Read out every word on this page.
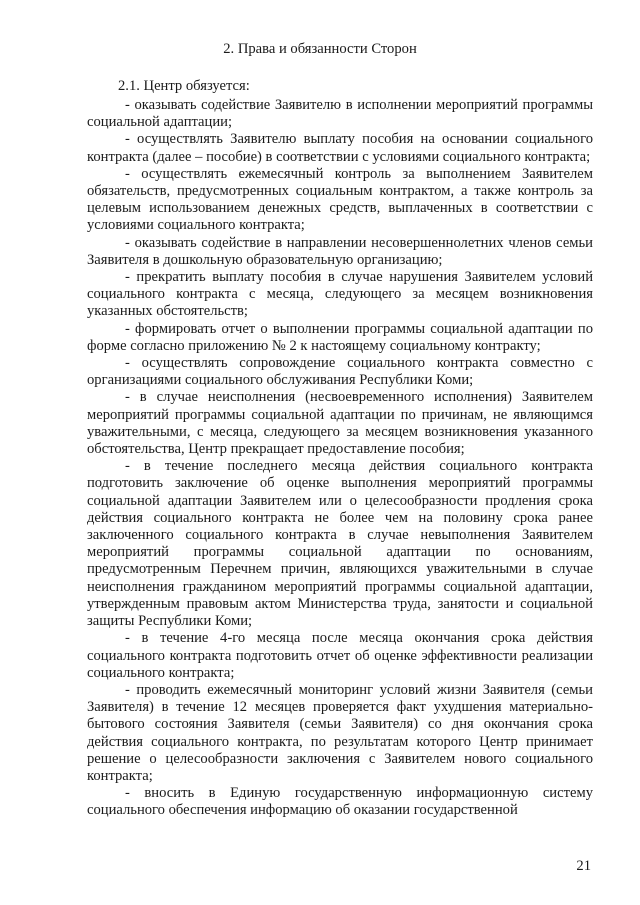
2. Права и обязанности Сторон

2.1. Центр обязуется:

- оказывать содействие Заявителю в исполнении мероприятий программы социальной адаптации;

- осуществлять Заявителю выплату пособия на основании социального контракта (далее – пособие) в соответствии с условиями социального контракта;

- осуществлять ежемесячный контроль за выполнением Заявителем обязательств, предусмотренных социальным контрактом, а также контроль за целевым использованием денежных средств, выплаченных в соответствии с условиями социального контракта;

- оказывать содействие в направлении несовершеннолетних членов семьи Заявителя в дошкольную образовательную организацию;

- прекратить выплату пособия в случае нарушения Заявителем условий социального контракта с месяца, следующего за месяцем возникновения указанных обстоятельств;

- формировать отчет о выполнении программы социальной адаптации по форме согласно приложению № 2 к настоящему социальному контракту;

- осуществлять сопровождение социального контракта совместно с организациями социального обслуживания Республики Коми;

- в случае неисполнения (несвоевременного исполнения) Заявителем мероприятий программы социальной адаптации по причинам, не являющимся уважительными, с месяца, следующего за месяцем возникновения указанного обстоятельства, Центр прекращает предоставление пособия;

- в течение последнего месяца действия социального контракта подготовить заключение об оценке выполнения мероприятий программы социальной адаптации Заявителем или о целесообразности продления срока действия социального контракта не более чем на половину срока ранее заключенного социального контракта в случае невыполнения Заявителем мероприятий программы социальной адаптации по основаниям, предусмотренным Перечнем причин, являющихся уважительными в случае неисполнения гражданином мероприятий программы социальной адаптации, утвержденным правовым актом Министерства труда, занятости и социальной защиты Республики Коми;

- в течение 4-го месяца после месяца окончания срока действия социального контракта подготовить отчет об оценке эффективности реализации социального контракта;

- проводить ежемесячный мониторинг условий жизни Заявителя (семьи Заявителя) в течение 12 месяцев проверяется факт ухудшения материально-бытового состояния Заявителя (семьи Заявителя) со дня окончания срока действия социального контракта, по результатам которого Центр принимает решение о целесообразности заключения с Заявителем нового социального контракта;

- вносить в Единую государственную информационную систему социального обеспечения информацию об оказании государственной

21
